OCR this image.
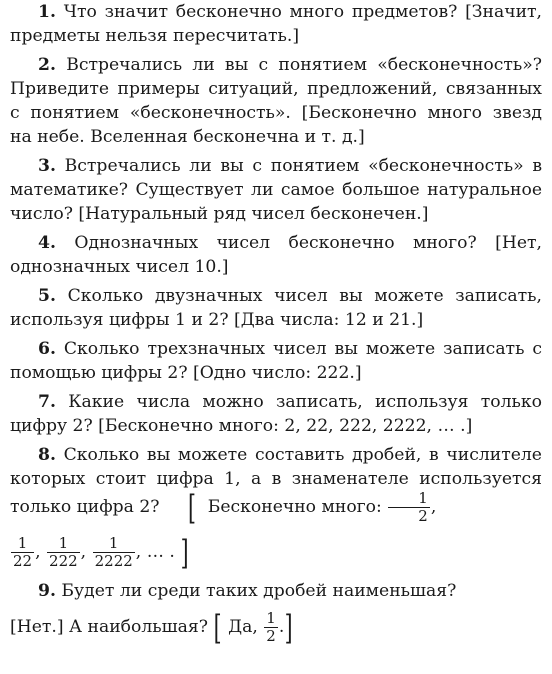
1. Что значит бесконечно много предметов? [Значит, предметы нельзя пересчитать.]

2. Встречались ли вы с понятием «бесконечность»? Приведите примеры ситуаций, предложений, связанных с понятием «бесконечность». [Бесконечно много звезд на небе. Вселенная бесконечна и т. д.]

3. Встречались ли вы с понятием «бесконечность» в математике? Существует ли самое большое натуральное число? [Натуральный ряд чисел бесконечен.]

4. Однозначных чисел бесконечно много? [Нет, однозначных чисел 10.]

5. Сколько двузначных чисел вы можете записать, используя цифры 1 и 2? [Два числа: 12 и 21.]

6. Сколько трехзначных чисел вы можете записать с помощью цифры 2? [Одно число: 222.]

7. Какие числа можно записать, используя только цифру 2? [Бесконечно много: 2, 22, 222, 2222, … .]

8. Сколько вы можете составить дробей, в числителе которых стоит цифра 1, а в знаменателе используется только цифра 2? [ Бесконечно много: $\frac{1}{2}$ ,

$\frac{1}{22}$ , $\frac{1}{222}$ , $\frac{1}{2222}$ , … . ]

9. Будет ли среди таких дробей наименьшая?

[Нет.] А наибольшая? [ Да, $\frac{1}{2}$ .]
